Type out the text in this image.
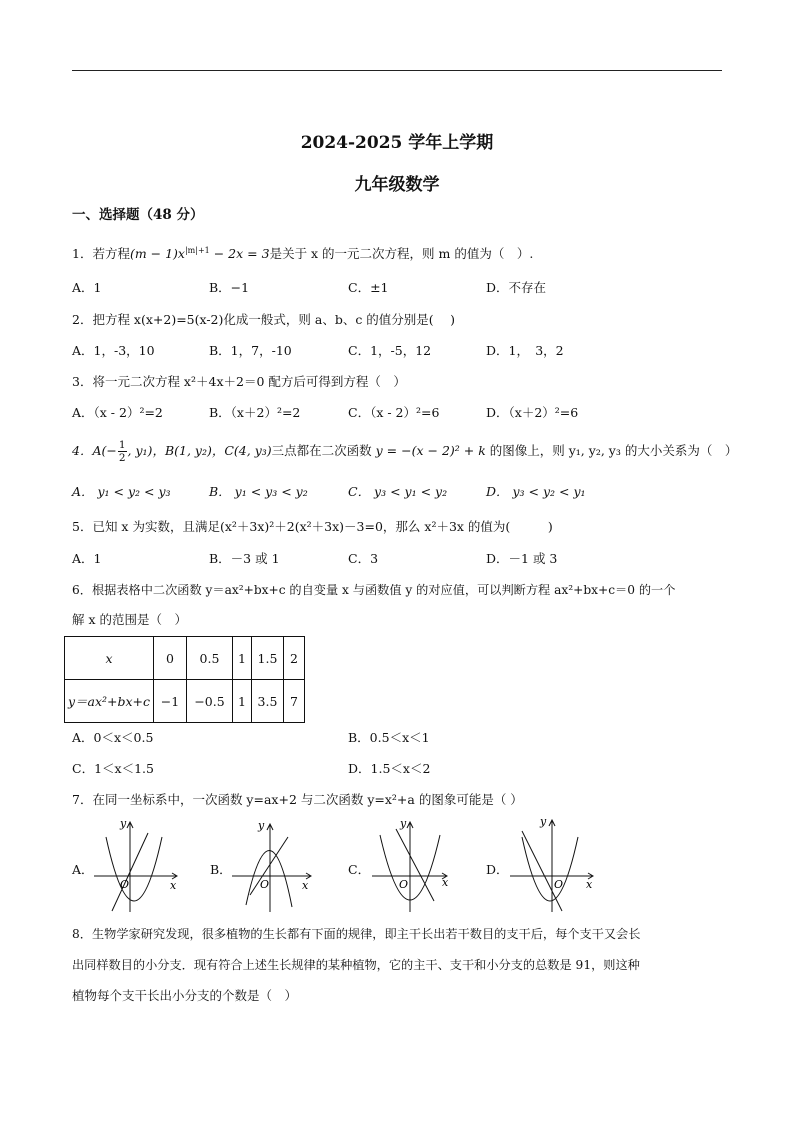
2024-2025 学年上学期
九年级数学
一、选择题（48 分）
1．若方程$(m - 1)x^{|m|+1} - 2x = 3$是关于 x 的一元二次方程，则 m 的值为（　）.
A．1	B．−1	C．±1	D．不存在
2．把方程 x(x+2)=5(x-2)化成一般式，则 a、b、c 的值分别是(　 )
A．1，-3，10	B．1，7，-10	C．1，-5，12	D．1，　3，2
3．将一元二次方程 x²＋4x＋2＝0 配方后可得到方程（　）
A．（x - 2）²=2	B．（x＋2）²=2	C．（x - 2）²=6	D．（x＋2）²=6
4．$A(- \frac{1}{2}$ , y₁)，B(1, y₂)，C(4, y₃)三点都在二次函数 y = −(x − 2)² + k 的图像上，则 y₁, y₂, y₃ 的大小关系为（　）
A． y₁ < y₂ < y₃	B． y₁ < y₃ < y₂	C． y₃ < y₁ < y₂	D． y₃ < y₂ < y₁
5．已知 x 为实数，且满足(x²＋3x)²＋2(x²＋3x)－3=0，那么 x²＋3x 的值为(　　　)
A．1	B．－3 或 1	C．3	D．－1 或 3
6．根据表格中二次函数 y＝ax²+bx+c 的自变量 x 与函数值 y 的对应值，可以判断方程 ax²+bx+c＝0 的一个
解 x 的范围是（　）
x	0	0.5	1	1.5	2
y＝ax²+bx+c	−1	−0.5	1	3.5	7
A．0＜x＜0.5	B．0.5＜x＜1
C．1＜x＜1.5	D．1.5＜x＜2
7．在同一坐标系中，一次函数 y=ax+2 与二次函数 y=x²+a 的图象可能是（ ）
A．	B．	C．	D．
y
x
O
y
x
O
y
x
O
y
x
O
8．生物学家研究发现，很多植物的生长都有下面的规律，即主干长出若干数目的支干后，每个支干又会长
出同样数目的小分支．现有符合上述生长规律的某种植物，它的主干、支干和小分支的总数是 91，则这种
植物每个支干长出小分支的个数是（　）
